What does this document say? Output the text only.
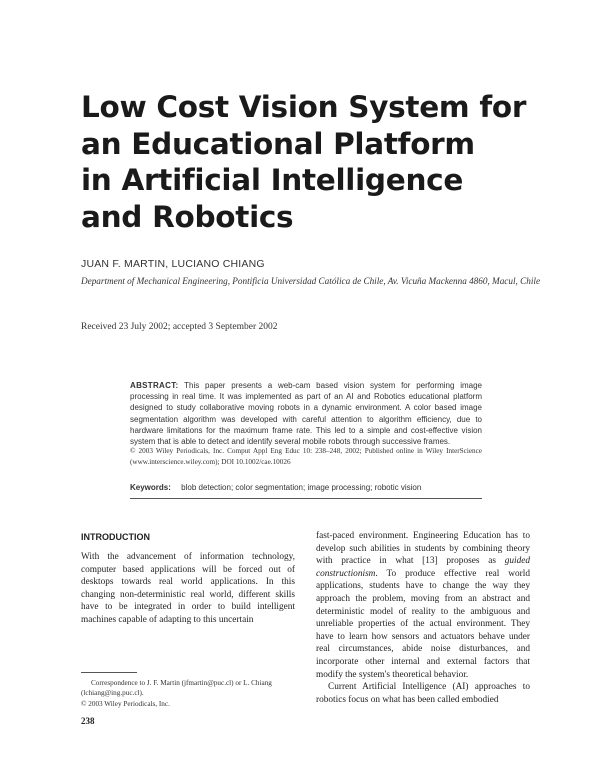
Low Cost Vision System for
an Educational Platform
in Artificial Intelligence
and Robotics
JUAN F. MARTIN, LUCIANO CHIANG
Department of Mechanical Engineering, Pontificia Universidad Católica de Chile, Av. Vicuña Mackenna 4860, Macul, Chile
Received 23 July 2002; accepted 3 September 2002
ABSTRACT: This paper presents a web-cam based vision system for performing image processing in real time. It was implemented as part of an AI and Robotics educational platform designed to study collaborative moving robots in a dynamic environment. A color based image segmentation algorithm was developed with careful attention to algorithm efficiency, due to hardware limitations for the maximum frame rate. This led to a simple and cost-effective vision system that is able to detect and identify several mobile robots through successive frames.
© 2003 Wiley Periodicals, Inc. Comput Appl Eng Educ 10: 238–248, 2002; Published online in Wiley InterScience (www.interscience.wiley.com); DOI 10.1002/cae.10026
Keywords: blob detection; color segmentation; image processing; robotic vision
INTRODUCTION

With the advancement of information technology, computer based applications will be forced out of desktops towards real world applications. In this changing non-deterministic real world, different skills have to be integrated in order to build intelligent machines capable of adapting to this uncertain

fast-paced environment. Engineering Education has to develop such abilities in students by combining theory with practice in what [13] proposes as guided constructionism. To produce effective real world applications, students have to change the way they approach the problem, moving from an abstract and deterministic model of reality to the ambiguous and unreliable properties of the actual environment. They have to learn how sensors and actuators behave under real circumstances, abide noise disturbances, and incorporate other internal and external factors that modify the system's theoretical behavior.

Current Artificial Intelligence (AI) approaches to robotics focus on what has been called embodied

Correspondence to J. F. Martin (jfmartin@puc.cl) or L. Chiang (lchiang@ing.puc.cl).
© 2003 Wiley Periodicals, Inc.
238
